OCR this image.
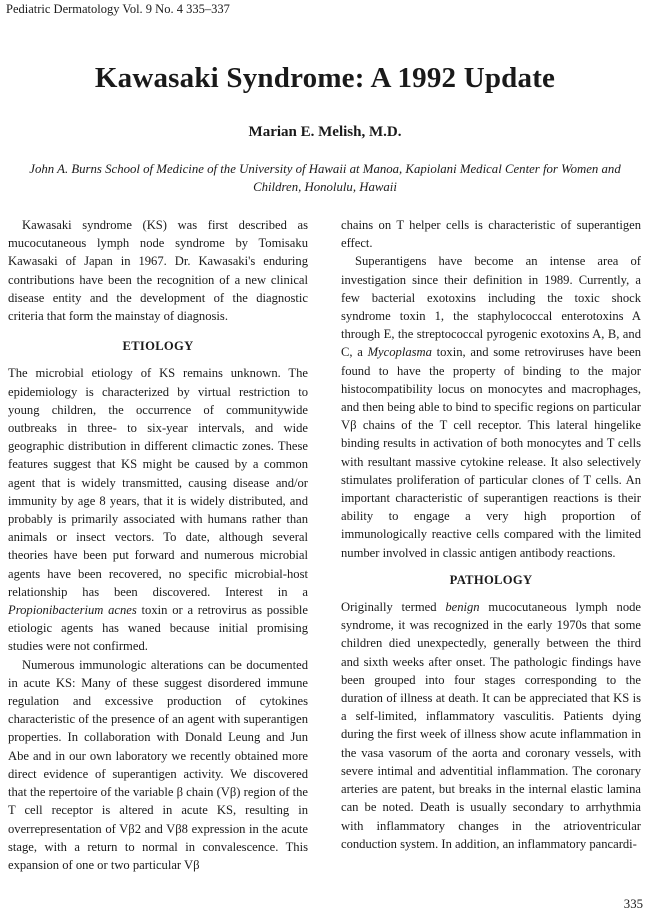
Pediatric Dermatology Vol. 9 No. 4 335–337
Kawasaki Syndrome: A 1992 Update
Marian E. Melish, M.D.
John A. Burns School of Medicine of the University of Hawaii at Manoa, Kapiolani Medical Center for Women and Children, Honolulu, Hawaii

Kawasaki syndrome (KS) was first described as mucocutaneous lymph node syndrome by Tomisaku Kawasaki of Japan in 1967. Dr. Kawasaki's enduring contributions have been the recognition of a new clinical disease entity and the development of the diagnostic criteria that form the mainstay of diagnosis.

ETIOLOGY

The microbial etiology of KS remains unknown. The epidemiology is characterized by virtual restriction to young children, the occurrence of communitywide outbreaks in three- to six-year intervals, and wide geographic distribution in different climactic zones. These features suggest that KS might be caused by a common agent that is widely transmitted, causing disease and/or immunity by age 8 years, that it is widely distributed, and probably is primarily associated with humans rather than animals or insect vectors. To date, although several theories have been put forward and numerous microbial agents have been recovered, no specific microbial-host relationship has been discovered. Interest in a Propionibacterium acnes toxin or a retrovirus as possible etiologic agents has waned because initial promising studies were not confirmed.

Numerous immunologic alterations can be documented in acute KS: Many of these suggest disordered immune regulation and excessive production of cytokines characteristic of the presence of an agent with superantigen properties. In collaboration with Donald Leung and Jun Abe and in our own laboratory we recently obtained more direct evidence of superantigen activity. We discovered that the repertoire of the variable β chain (Vβ) region of the T cell receptor is altered in acute KS, resulting in overrepresentation of Vβ2 and Vβ8 expression in the acute stage, with a return to normal in convalescence. This expansion of one or two particular Vβ

chains on T helper cells is characteristic of superantigen effect.

Superantigens have become an intense area of investigation since their definition in 1989. Currently, a few bacterial exotoxins including the toxic shock syndrome toxin 1, the staphylococcal enterotoxins A through E, the streptococcal pyrogenic exotoxins A, B, and C, a Mycoplasma toxin, and some retroviruses have been found to have the property of binding to the major histocompatibility locus on monocytes and macrophages, and then being able to bind to specific regions on particular Vβ chains of the T cell receptor. This lateral hingelike binding results in activation of both monocytes and T cells with resultant massive cytokine release. It also selectively stimulates proliferation of particular clones of T cells. An important characteristic of superantigen reactions is their ability to engage a very high proportion of immunologically reactive cells compared with the limited number involved in classic antigen antibody reactions.

PATHOLOGY

Originally termed benign mucocutaneous lymph node syndrome, it was recognized in the early 1970s that some children died unexpectedly, generally between the third and sixth weeks after onset. The pathologic findings have been grouped into four stages corresponding to the duration of illness at death. It can be appreciated that KS is a self-limited, inflammatory vasculitis. Patients dying during the first week of illness show acute inflammation in the vasa vasorum of the aorta and coronary vessels, with severe intimal and adventitial inflammation. The coronary arteries are patent, but breaks in the internal elastic lamina can be noted. Death is usually secondary to arrhythmia with inflammatory changes in the atrioventricular conduction system. In addition, an inflammatory pancardi-

335
